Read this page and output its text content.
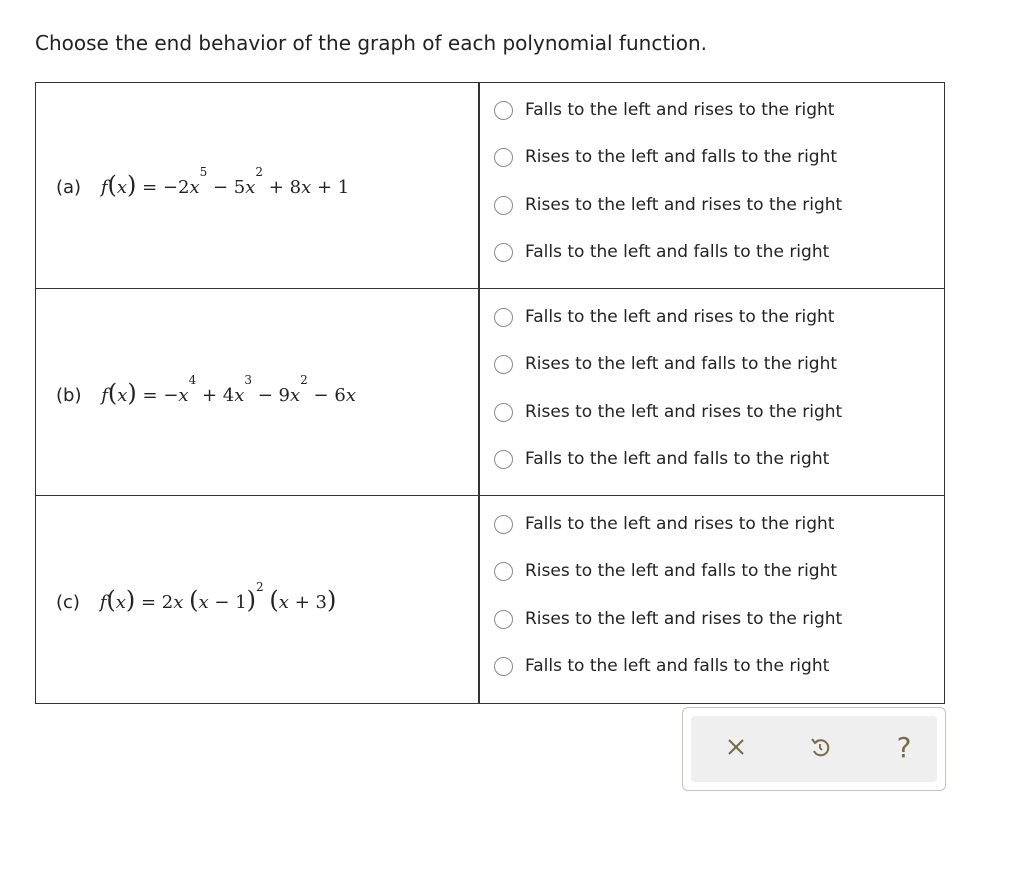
Choose the end behavior of the graph of each polynomial function.
(a) $f(x) = -2x^5 - 5x^2 + 8x + 1$
Falls to the left and rises to the right
Rises to the left and falls to the right
Rises to the left and rises to the right
Falls to the left and falls to the right
(b) $f(x) = -x^4 + 4x^3 - 9x^2 - 6x$
Falls to the left and rises to the right
Rises to the left and falls to the right
Rises to the left and rises to the right
Falls to the left and falls to the right
(c) f(x) = 2x $(x - 1)^2$ (x + 3)
Falls to the left and rises to the right
Rises to the left and falls to the right
Rises to the left and rises to the right
Falls to the left and falls to the right
?
